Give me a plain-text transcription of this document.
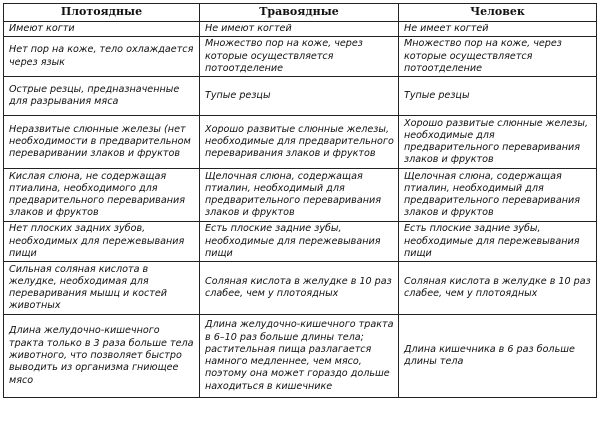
Плотоядные	Травоядные	Человек
Имеют когти	Не имеют когтей	Не имеет когтей
Нет пор на коже, тело охлаждается через язык	Множество пор на коже, через которые осуществляется потоотделение	Множество пор на коже, через которые осуществляется потоотделение
Острые резцы, предназначенные для разрывания мяса	Тупые резцы	Тупые резцы
Неразвитые слюнные железы (нет необходимости в предварительном переваривании злаков и фруктов	Хорошо развитые слюнные железы, необходимые для предварительного переваривания злаков и фруктов	Хорошо развитые слюнные железы, необходимые для предварительного переваривания злаков и фруктов
Кислая слюна, не содержащая птиалина, необходимого для предварительного переваривания злаков и фруктов	Щелочная слюна, содержащая птиалин, необходимый для предварительного переваривания злаков и фруктов	Щелочная слюна, содержащая птиалин, необходимый для предварительного переваривания злаков и фруктов
Нет плоских задних зубов, необходимых для пережевывания пищи	Есть плоские задние зубы, необходимые для пережевывания пищи	Есть плоские задние зубы, необходимые для пережевывания пищи
Сильная соляная кислота в желудке, необходимая для переваривания мышц и костей животных	Соляная кислота в желудке в 10 раз слабее, чем у плотоядных	Соляная кислота в желудке в 10 раз слабее, чем у плотоядных
Длина желудочно-кишечного тракта только в 3 раза больше тела животного, что позволяет быстро выводить из организма гниющее мясо	Длина желудочно-кишечного тракта в 6–10 раз больше длины тела; растительная пища разлагается намного медленнее, чем мясо, поэтому она может гораздо дольше находиться в кишечнике	Длина кишечника в 6 раз больше длины тела
